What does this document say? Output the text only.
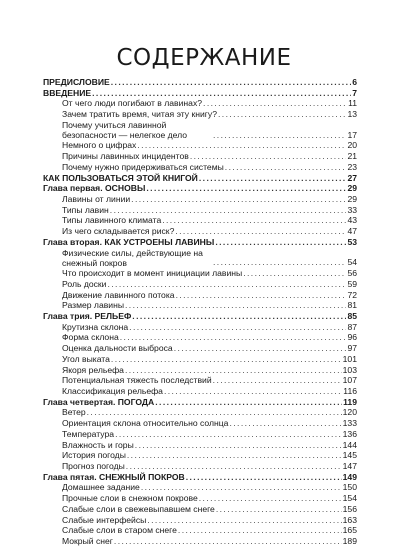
СОДЕРЖАНИЕ
ПРЕДИСЛОВИЕ .....	6
ВВЕДЕНИЕ .....	7
От чего люди погибают в лавинах? .....	11
Зачем тратить время, читая эту книгу? .....	13
Почему учиться лавинной безопасности — нелегкое дело .....	17
Немного о цифрах .....	20
Причины лавинных инцидентов .....	21
Почему нужно придерживаться системы .....	23
КАК ПОЛЬЗОВАТЬСЯ ЭТОЙ КНИГОЙ .....	27
Глава первая. ОСНОВЫ .....	29
Лавины от линии .....	29
Типы лавин .....	33
Типы лавинного климата .....	43
Из чего складывается риск? .....	47
Глава вторая. КАК УСТРОЕНЫ ЛАВИНЫ .....	53
Физические силы, действующие на снежный покров .....	54
Что происходит в момент инициации лавины .....	56
Роль доски .....	59
Движение лавинного потока .....	72
Размер лавины .....	81
Глава трия. РЕЛЬЕФ .....	85
Крутизна склона .....	87
Форма склона .....	96
Оценка дальности выброса .....	97
Угол выката .....	101
Якоря рельефа .....	103
Потенциальная тяжесть последствий .....	107
Классификация рельефа .....	116
Глава четвертая. ПОГОДА .....	119
Ветер .....	120
Ориентация склона относительно солнца .....	133
Температура .....	136
Влажность и горы .....	144
История погоды .....	145
Прогноз погоды .....	147
Глава пятая. СНЕЖНЫЙ ПОКРОВ .....	149
Домашнее задание .....	150
Прочные слои в снежном покрове .....	154
Слабые слои в свежевыпавшем снеге .....	156
Слабые интерфейсы .....	163
Слабые слои в старом снеге .....	165
Мокрый снег .....	189
